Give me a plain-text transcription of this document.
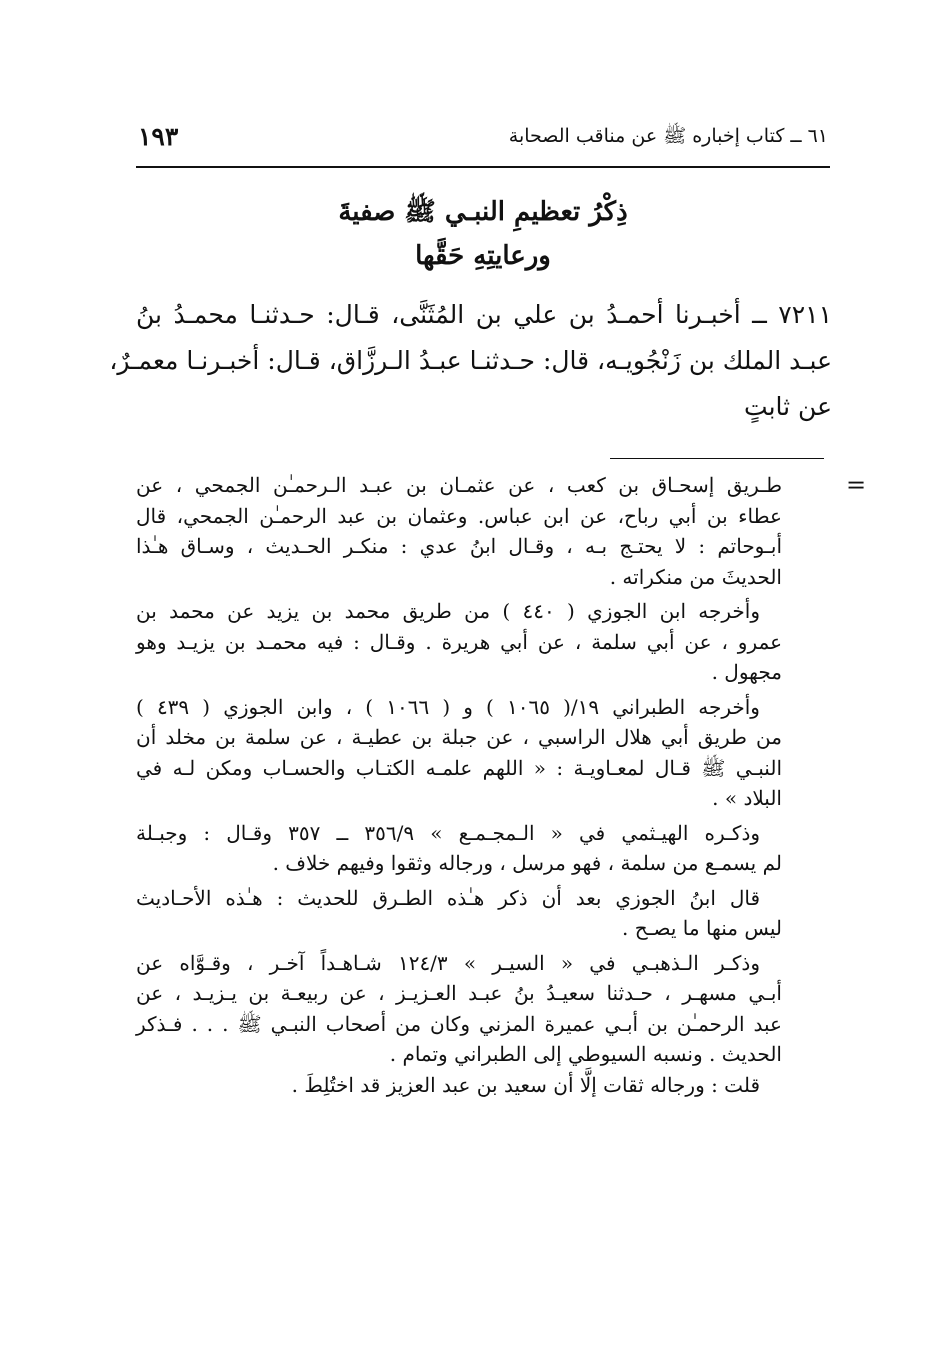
٦١ ــ كتاب إخباره ﷺ عن مناقب الصحابة
١٩٣
ذِكْرُ تعظيمِ النبـي ﷺ صفيةَ
ورعايتِهِ حَقَّها
٧٢١١ ــ أخبـرنا أحمـدُ بن علي بن المُثَنَّى، قـال: حـدثنـا محمـدُ بنُ
عبـد الملك بن زَنْجُويـه، قال: حـدثنـا عبـدُ الـرزَّاق، قـال: أخبـرنـا معمـرٌ،
عن ثابتٍ
=
طـريق إسحـاق بن كعب ، عن عثمـان بن عبـد الـرحمـٰن الجمحي ، عن
عطاء بن أبي رباح، عن ابن عباس. وعثمان بن عبد الرحمـٰن الجمحي، قال
أبـوحاتم : لا يحتـج بـه ، وقـال ابنُ عدي : منكـر الحـديث ، وسـاق هـٰذا
الحديثَ من منكراته .
وأخرجه ابن الجوزي ( ٤٤٠ ) من طريق محمد بن يزيد عن محمد بن
عمرو ، عن أبي سلمة ، عن أبي هريرة . وقـال : فيه محمـد بن يزيـد وهو
مجهول .
وأخرجه الطبراني ١٩/( ١٠٦٥ ) و ( ١٠٦٦ ) ، وابن الجوزي ( ٤٣٩ )
من طريق أبي هلال الراسبي ، عن جبلة بن عطيـة ، عن سلمة بن مخلد أن
النبـي ﷺ قـال لمعـاويـة : « اللهم علمـه الكتـاب والحسـاب ومكن لـه في
البلاد » .
وذكـره الهيـثمي في « الـمجـمـع » ٣٥٦/٩ ــ ٣٥٧ وقـال : وجبـلة
لم يسمـع من سلمة ، فهو مرسل ، ورجاله وثقوا وفيهم خلاف .
قال ابنُ الجوزي بعد أن ذكر هـٰذه الطـرق للحديث : هـٰذه الأحـاديث
ليس منها ما يصـح .
وذكـر الـذهبـي في « السيـر » ١٢٤/٣ شـاهـداً آخـر ، وقـوَّاه عن
أبـي مسهـر ، حـدثنا سعيـدُ بنُ عبـد العـزيـز ، عن ربيعـة بن يـزيـد ، عن
عبد الرحمـٰن بن أبـي عميرة المزني وكان من أصحاب النبـي ﷺ . . . فـذكر
الحديث . ونسبه السيوطي إلى الطبراني وتمام .
قلت : ورجاله ثقات إلَّا أن سعيد بن عبد العزيز قد اختُلِطَ .
